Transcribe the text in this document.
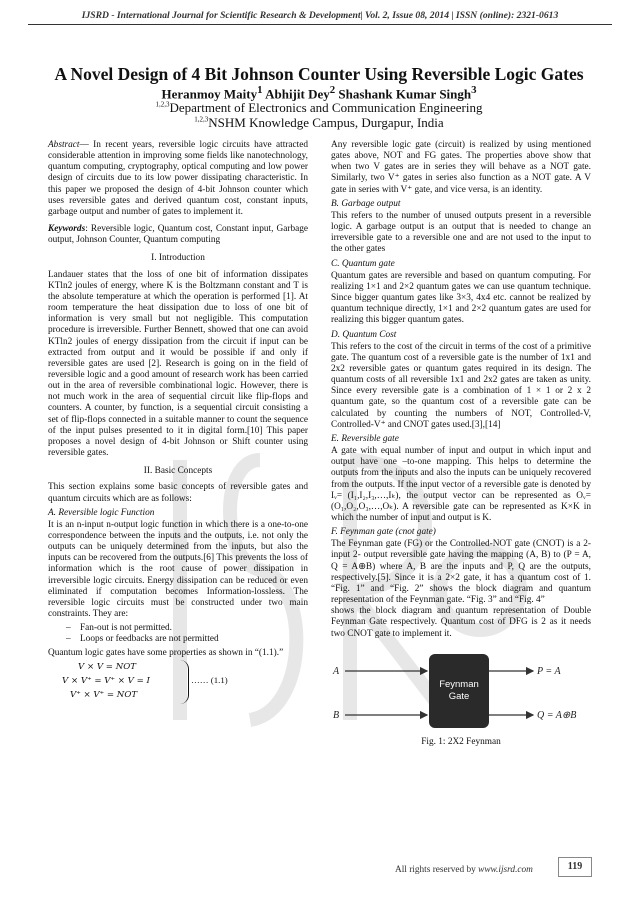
IJSRD - International Journal for Scientific Research & Development| Vol. 2, Issue 08, 2014 | ISSN (online): 2321-0613
A Novel Design of 4 Bit Johnson Counter Using Reversible Logic Gates
Heranmoy Maity$^1$ Abhijit Dey$^2$ Shashank Kumar Singh$^3$
$^{1,2,3}$Department of Electronics and Communication Engineering
$^{1,2,3}$NSHM Knowledge Campus, Durgapur, India

Abstract— In recent years, reversible logic circuits have attracted considerable attention in improving some fields like nanotechnology, quantum computing, cryptography, optical computing and low power design of circuits due to its low power dissipating characteristic. In this paper we proposed the design of 4-bit Johnson counter which uses reversible gates and derived quantum cost, constant inputs, garbage output and number of gates to implement it.

Keywords: Reversible logic, Quantum cost, Constant input, Garbage output, Johnson Counter, Quantum computing

I. Introduction

Landauer states that the loss of one bit of information dissipates KTln2 joules of energy, where K is the Boltzmann constant and T is the absolute temperature at which the operation is performed [1]. At room temperature the heat dissipation due to loss of one bit of information is very small but not negligible. This computation procedure is irreversible. Further Bennett, showed that one can avoid KTln2 joules of energy dissipation from the circuit if input can be extracted from output and it would be possible if and only if reversible gates are used [2]. Research is going on in the field of reversible logic and a good amount of research work has been carried out in the area of reversible combinational logic. However, there is not much work in the area of sequential circuit like flip-flops and counters. A counter, by function, is a sequential circuit consisting a set of flip-flops connected in a suitable manner to count the sequence of the input pulses presented to it in digital form.[10] This paper proposes a novel design of 4-bit Johnson or Shift counter using reversible gates.

II. Basic Concepts

This section explains some basic concepts of reversible gates and quantum circuits which are as follows:

A. Reversible logic Function

It is an n-input n-output logic function in which there is a one-to-one correspondence between the inputs and the outputs, i.e. not only the outputs can be uniquely determined from the inputs, but also the inputs can be recovered from the outputs.[6] This prevents the loss of information which is the root cause of power dissipation in irreversible logic circuits. Energy dissipation can be reduced or even eliminated if computation becomes Information-lossless. The reversible logic circuits must be constructed under two main constraints. They are:

– Fan-out is not permitted.
– Loops or feedbacks are not permitted

Quantum logic gates have some properties as shown in “(1.1).”

V × V = NOT
V × V⁺ = V⁺ × V = I
V⁺ × V⁺ = NOT
…… (1.1)

Any reversible logic gate (circuit) is realized by using mentioned gates above, NOT and FG gates. The properties above show that when two V gates are in series they will behave as a NOT gate. Similarly, two V⁺ gates in series also function as a NOT gate. A V gate in series with V⁺ gate, and vice versa, is an identity.

B. Garbage output

This refers to the number of unused outputs present in a reversible logic. A garbage output is an output that is needed to change an irreversible gate to a reversible one and are not used to the input to the other gates

C. Quantum gate

Quantum gates are reversible and based on quantum computing. For realizing 1×1 and 2×2 quantum gates we can use quantum technique. Since bigger quantum gates like 3×3, 4x4 etc. cannot be realized by quantum technique directly, 1×1 and 2×2 quantum gates are used for realizing this bigger quantum gates.

D. Quantum Cost

This refers to the cost of the circuit in terms of the cost of a primitive gate. The quantum cost of a reversible gate is the number of 1x1 and 2x2 reversible gates or quantum gates required in its design. The quantum costs of all reversible 1x1 and 2x2 gates are taken as unity. Since every reversible gate is a combination of 1 × 1 or 2 x 2 quantum gate, so the quantum cost of a reversible gate can be calculated by counting the numbers of NOT, Controlled-V, Controlled-V⁺ and CNOT gates used.[3],[14]

E. Reversible gate

A gate with equal number of input and output in which input and output have one –to-one mapping. This helps to determine the outputs from the inputs and also the inputs can be uniquely recovered from the outputs. If the input vector of a reversible gate is denoted by Iᵥ= (I₁,I₂,I₃,…,Iₖ), the output vector can be represented as Oᵥ= (O₁,O₂,O₃,…,Oₖ). A reversible gate can be represented as K×K in which the number of input and output is K.

F. Feynman gate (cnot gate)

The Feynman gate (FG) or the Controlled-NOT gate (CNOT) is a 2-input 2- output reversible gate having the mapping (A, B) to (P = A, Q = A⊕B) where A, B are the inputs and P, Q are the outputs, respectively.[5]. Since it is a 2×2 gate, it has a quantum cost of 1. “Fig. 1” and “Fig. 2” shows the block diagram and quantum representation of the Feynman gate. “Fig. 3” and “Fig. 4”

shows the block diagram and quantum representation of Double Feynman Gate respectively. Quantum cost of DFG is 2 as it needs two CNOT gate to implement it.

A
B
Feynman
Gate
P = A
Q = A⊕B
Fig. 1: 2X2 Feynman
All rights reserved by www.ijsrd.com	119
